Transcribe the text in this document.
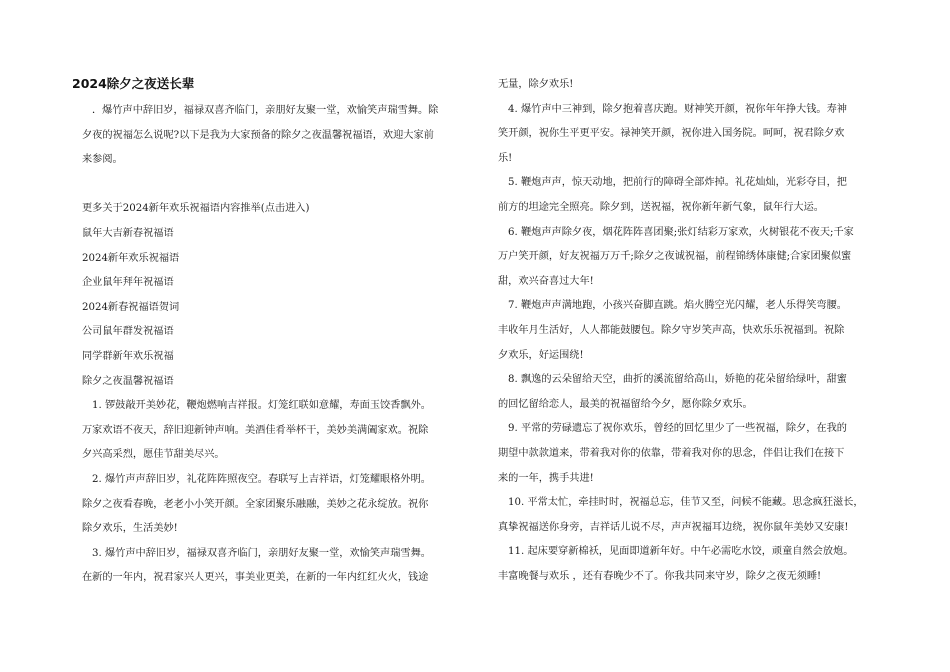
2024除夕之夜送长辈
．爆竹声中辞旧岁，福禄双喜齐临门，亲朋好友聚一堂，欢愉笑声瑞雪舞。除
夕夜的祝福怎么说呢?以下是我为大家预备的除夕之夜温馨祝福语，欢迎大家前
来参阅。
更多关于2024新年欢乐祝福语内容推举(点击进入)
鼠年大吉新春祝福语
2024新年欢乐祝福语
企业鼠年拜年祝福语
2024新春祝福语贺词
公司鼠年群发祝福语
同学群新年欢乐祝福
除夕之夜温馨祝福语
1. 锣鼓敲开美妙花，鞭炮燃响吉祥报。灯笼红联如意耀，寿面玉饺香飘外。
万家欢语不夜天，辞旧迎新钟声响。美酒佳肴举杯干，美妙美满阖家欢。祝除
夕兴高采烈，愿佳节甜美尽兴。
2. 爆竹声声辞旧岁，礼花阵阵照夜空。春联写上吉祥语，灯笼耀眼格外明。
除夕之夜看春晚，老老小小笑开颜。全家团聚乐融融，美妙之花永绽放。祝你
除夕欢乐，生活美妙!
3. 爆竹声中辞旧岁，福禄双喜齐临门，亲朋好友聚一堂，欢愉笑声瑞雪舞。
在新的一年内，祝君家兴人更兴，事美业更美，在新的一年内红红火火，钱途
无量，除夕欢乐!
4. 爆竹声中三神到，除夕抱着喜庆跑。财神笑开颜，祝你年年挣大钱。寿神
笑开颜，祝你生平更平安。禄神笑开颜，祝你进入国务院。呵呵，祝君除夕欢
乐!
5. 鞭炮声声，惊天动地，把前行的障碍全部炸掉。礼花灿灿，光彩夺目，把
前方的坦途完全照亮。除夕到，送祝福，祝你新年新气象，鼠年行大运。
6. 鞭炮声声除夕夜，烟花阵阵喜团聚;张灯结彩万家欢，火树银花不夜天;千家
万户笑开颜，好友祝福万万千;除夕之夜诚祝福，前程锦绣体康健;合家团聚似蜜
甜，欢兴奋喜过大年!
7. 鞭炮声声满地跑，小孩兴奋脚直跳。焰火腾空光闪耀，老人乐得笑弯腰。
丰收年月生活好，人人都能鼓腰包。除夕守岁笑声高，快欢乐乐祝福到。祝除
夕欢乐，好运围绕!
8. 飘逸的云朵留给天空，曲折的溪流留给高山，娇艳的花朵留给绿叶，甜蜜
的回忆留给恋人，最美的祝福留给今夕，愿你除夕欢乐。
9. 平常的劳碌遗忘了祝你欢乐，曾经的回忆里少了一些祝福，除夕，在我的
期望中款款道来，带着我对你的依靠，带着我对你的思念，伴侣让我们在接下
来的一年，携手共进!
10. 平常太忙，牵挂时时，祝福总忘，佳节又至，问候不能藏。思念疯狂滋长，
真挚祝福送你身旁，吉祥话儿说不尽，声声祝福耳边绕，祝你鼠年美妙又安康!
11. 起床要穿新棉袄，见面即道新年好。中午必需吃水饺，顽童自然会放炮。
丰富晚餐与欢乐 ，还有春晚少不了。你我共同来守岁，除夕之夜无须睡!
